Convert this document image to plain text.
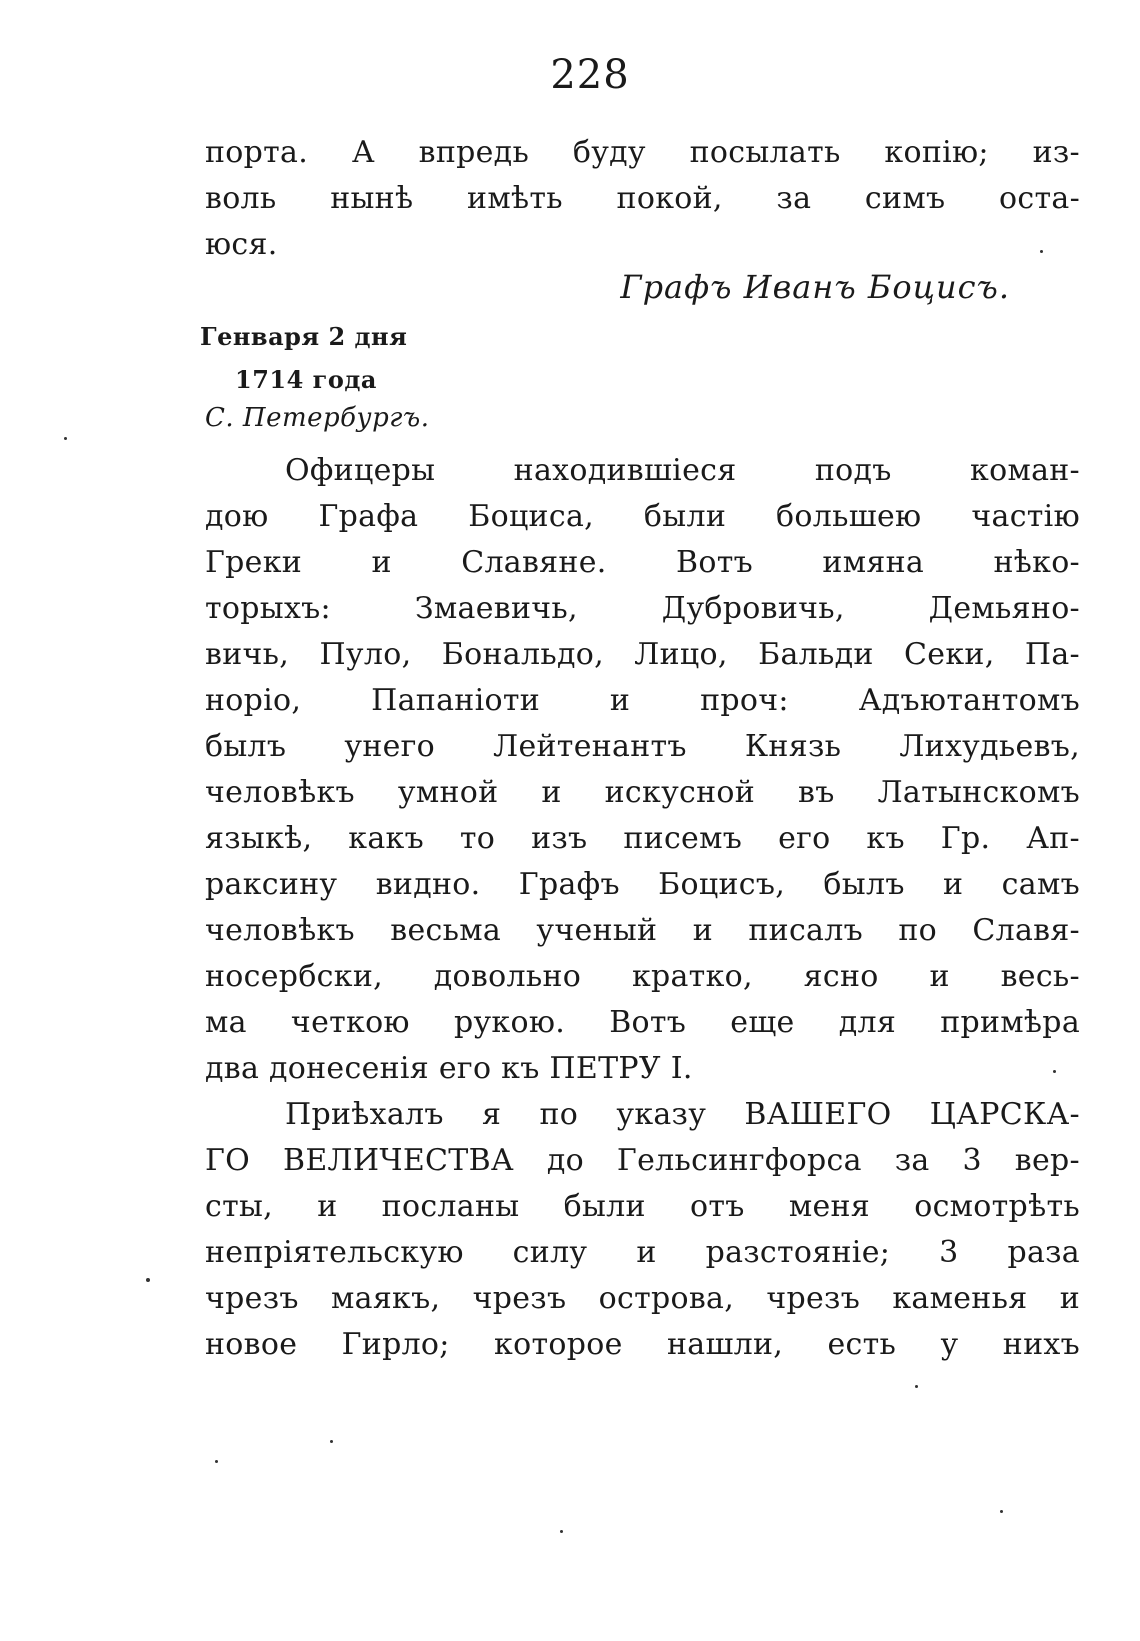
228
порта. А впредь буду посылать копію; из-
воль нынѣ имѣть покой, за симъ оста-
юся.
Графъ Иванъ Боцисъ.
Генваря 2 дня
1714 года
С. Петербургъ.
Офицеры находившіеся подъ коман-
дою Графа Боциса, были большею частію
Греки и Славяне. Вотъ имяна нѣко-
торыхъ: Змаевичь, Дубровичь, Демьяно-
вичь, Пуло, Бональдо, Лицо, Бальди Секи, Па-
норіо, Папаніоти и проч: Адъютантомъ
былъ унего Лейтенантъ Князь Лихудьевъ,
человѣкъ умной и искусной въ Латынскомъ
языкѣ, какъ то изъ писемъ его къ Гр. Ап-
раксину видно. Графъ Боцисъ, былъ и самъ
человѣкъ весьма ученый и писалъ по Славя-
носербски, довольно кратко, ясно и весь-
ма четкою рукою. Вотъ еще для примѣра
два донесенія его къ ПЕТРУ I.
Приѣхалъ я по указу ВАШЕГО ЦАРСКА-
ГО ВЕЛИЧЕСТВА до Гельсингфорса за 3 вер-
сты, и посланы были отъ меня осмотрѣть
непріятельскую силу и разстояніе; 3 раза
чрезъ маякъ, чрезъ острова, чрезъ каменья и
новое Гирло; которое нашли, есть у нихъ
